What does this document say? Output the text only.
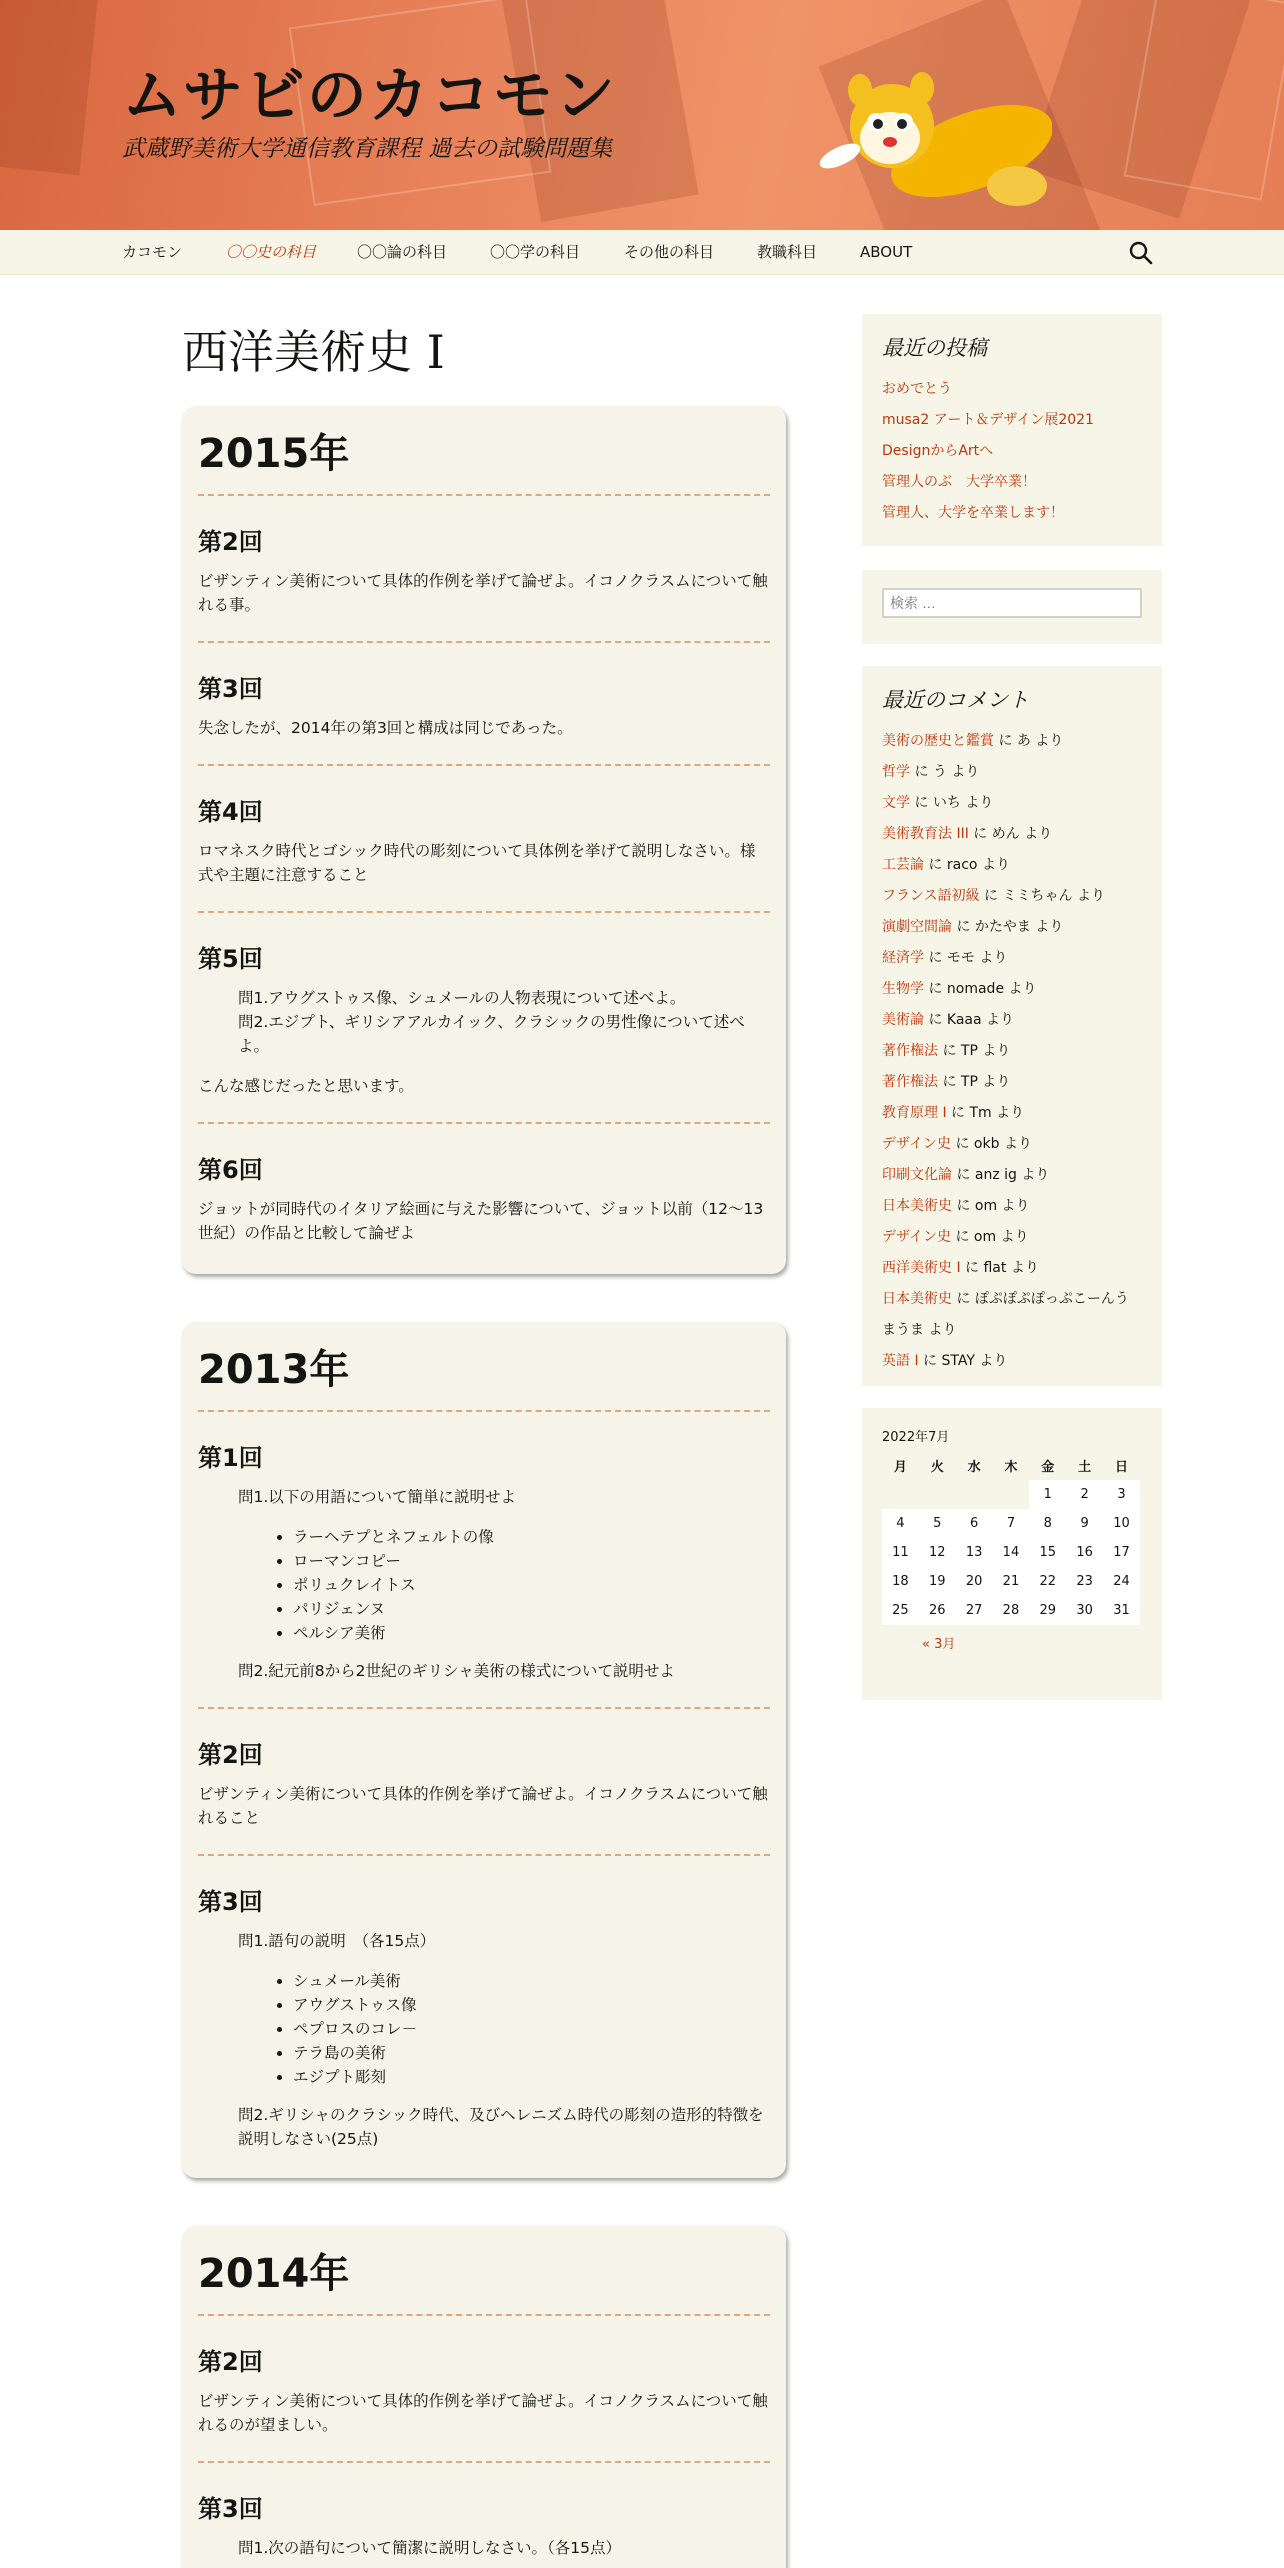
ムサビのカコモン
武蔵野美術大学通信教育課程 過去の試験問題集
カコモン	〇〇史の科目	〇〇論の科目	〇〇学の科目	その他の科目	教職科目	ABOUT
西洋美術史 I
2015年
第2回

ビザンティン美術について具体的作例を挙げて論ぜよ。イコノクラスムについて触れる事。

第3回

失念したが、2014年の第3回と構成は同じであった。

第4回

ロマネスク時代とゴシック時代の彫刻について具体例を挙げて説明しなさい。様式や主題に注意すること

第5回

問1.アウグストゥス像、シュメールの人物表現について述べよ。

問2.エジプト、ギリシアアルカイック、クラシックの男性像について述べよ。

こんな感じだったと思います。

第6回

ジョットが同時代のイタリア絵画に与えた影響について、ジョット以前（12〜13世紀）の作品と比較して論ぜよ

2013年
第1回

問1.以下の用語について簡単に説明せよ

• ラーヘテプとネフェルトの像
• ローマンコピー
• ポリュクレイトス
• パリジェンヌ
• ペルシア美術

問2.紀元前8から2世紀のギリシャ美術の様式について説明せよ

第2回

ビザンティン美術について具体的作例を挙げて論ぜよ。イコノクラスムについて触れること

第3回

問1.語句の説明　（各15点）

• シュメール美術
• アウグストゥス像
• ペプロスのコレ－
• テラ島の美術
• エジプト彫刻

問2.ギリシャのクラシック時代、及びヘレニズム時代の彫刻の造形的特徴を説明しなさい(25点)

2014年
第2回

ビザンティン美術について具体的作例を挙げて論ぜよ。イコノクラスムについて触れるのが望ましい。

第3回

問1.次の語句について簡潔に説明しなさい。（各15点）

最近の投稿
おめでとう
musa2 アート＆デザイン展2021
DesignからArtへ
管理人のぶ　大学卒業！
管理人、大学を卒業します！
検索 …
最近のコメント
美術の歴史と鑑賞 に あ より
哲学 に う より
文学 に いち より
美術教育法 III に めん より
工芸論 に raco より
フランス語初級 に ミミちゃん より
演劇空間論 に かたやま より
経済学 に モモ より
生物学 に nomade より
美術論 に Kaaa より
著作権法 に TP より
著作権法 に TP より
教育原理 I に Tm より
デザイン史 に okb より
印刷文化論 に anz ig より
日本美術史 に om より
デザイン史 に om より
西洋美術史 I に flat より
日本美術史 に ぽぷぽぷぽっぷこーんうまうま より
英語 I に STAY より
2022年7月
月	火	水	木	金	土	日
				1	2	3
4	5	6	7	8	9	10
11	12	13	14	15	16	17
18	19	20	21	22	23	24
25	26	27	28	29	30	31
« 3月
